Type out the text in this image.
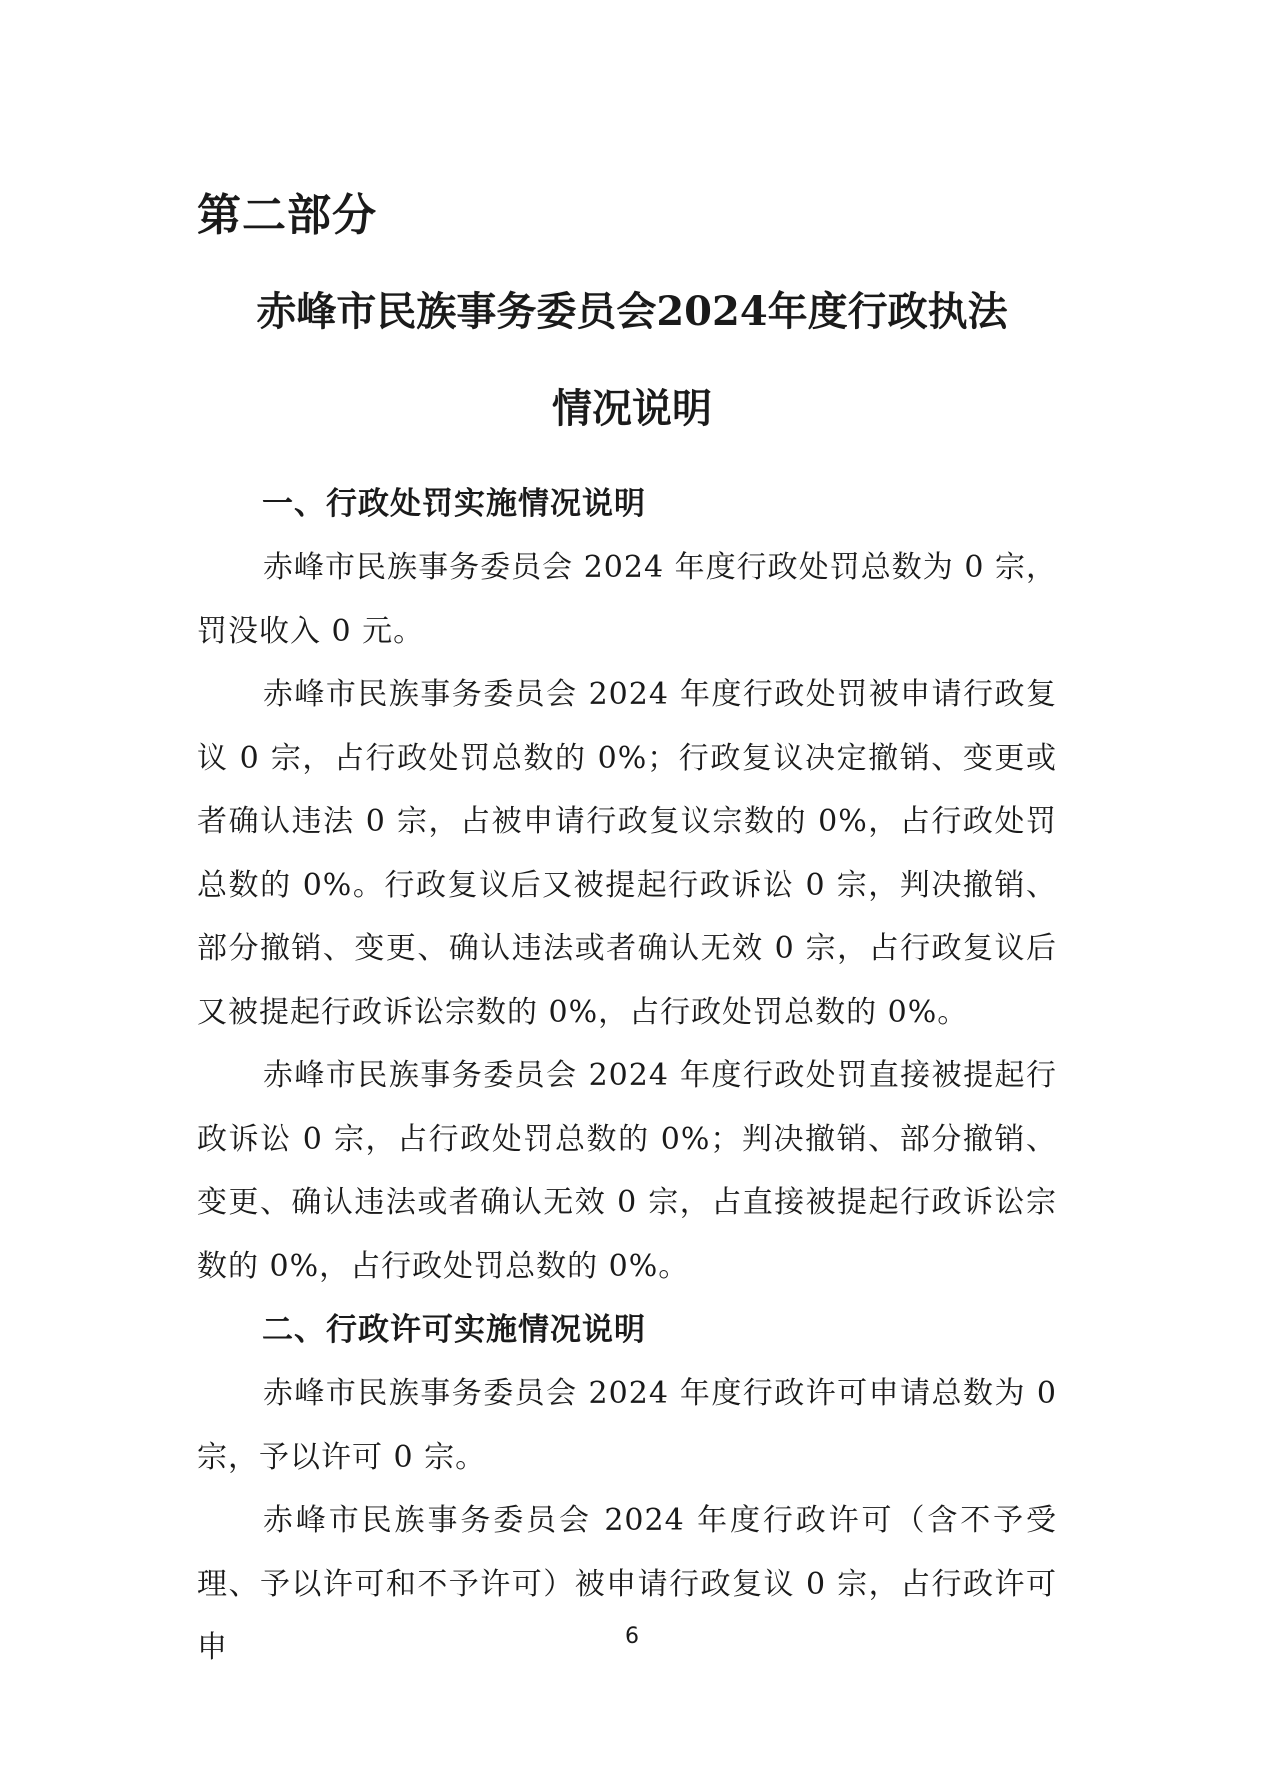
第二部分
赤峰市民族事务委员会2024年度行政执法
情况说明
一、行政处罚实施情况说明

赤峰市民族事务委员会 2024 年度行政处罚总数为 0 宗，罚没收入 0 元。

赤峰市民族事务委员会 2024 年度行政处罚被申请行政复议 0 宗，占行政处罚总数的 0%；行政复议决定撤销、变更或者确认违法 0 宗，占被申请行政复议宗数的 0%，占行政处罚总数的 0%。行政复议后又被提起行政诉讼 0 宗，判决撤销、部分撤销、变更、确认违法或者确认无效 0 宗，占行政复议后又被提起行政诉讼宗数的 0%，占行政处罚总数的 0%。

赤峰市民族事务委员会 2024 年度行政处罚直接被提起行政诉讼 0 宗，占行政处罚总数的 0%；判决撤销、部分撤销、变更、确认违法或者确认无效 0 宗，占直接被提起行政诉讼宗数的 0%，占行政处罚总数的 0%。

二、行政许可实施情况说明

赤峰市民族事务委员会 2024 年度行政许可申请总数为 0 宗，予以许可 0 宗。

赤峰市民族事务委员会 2024 年度行政许可（含不予受理、予以许可和不予许可）被申请行政复议 0 宗，占行政许可申	6
